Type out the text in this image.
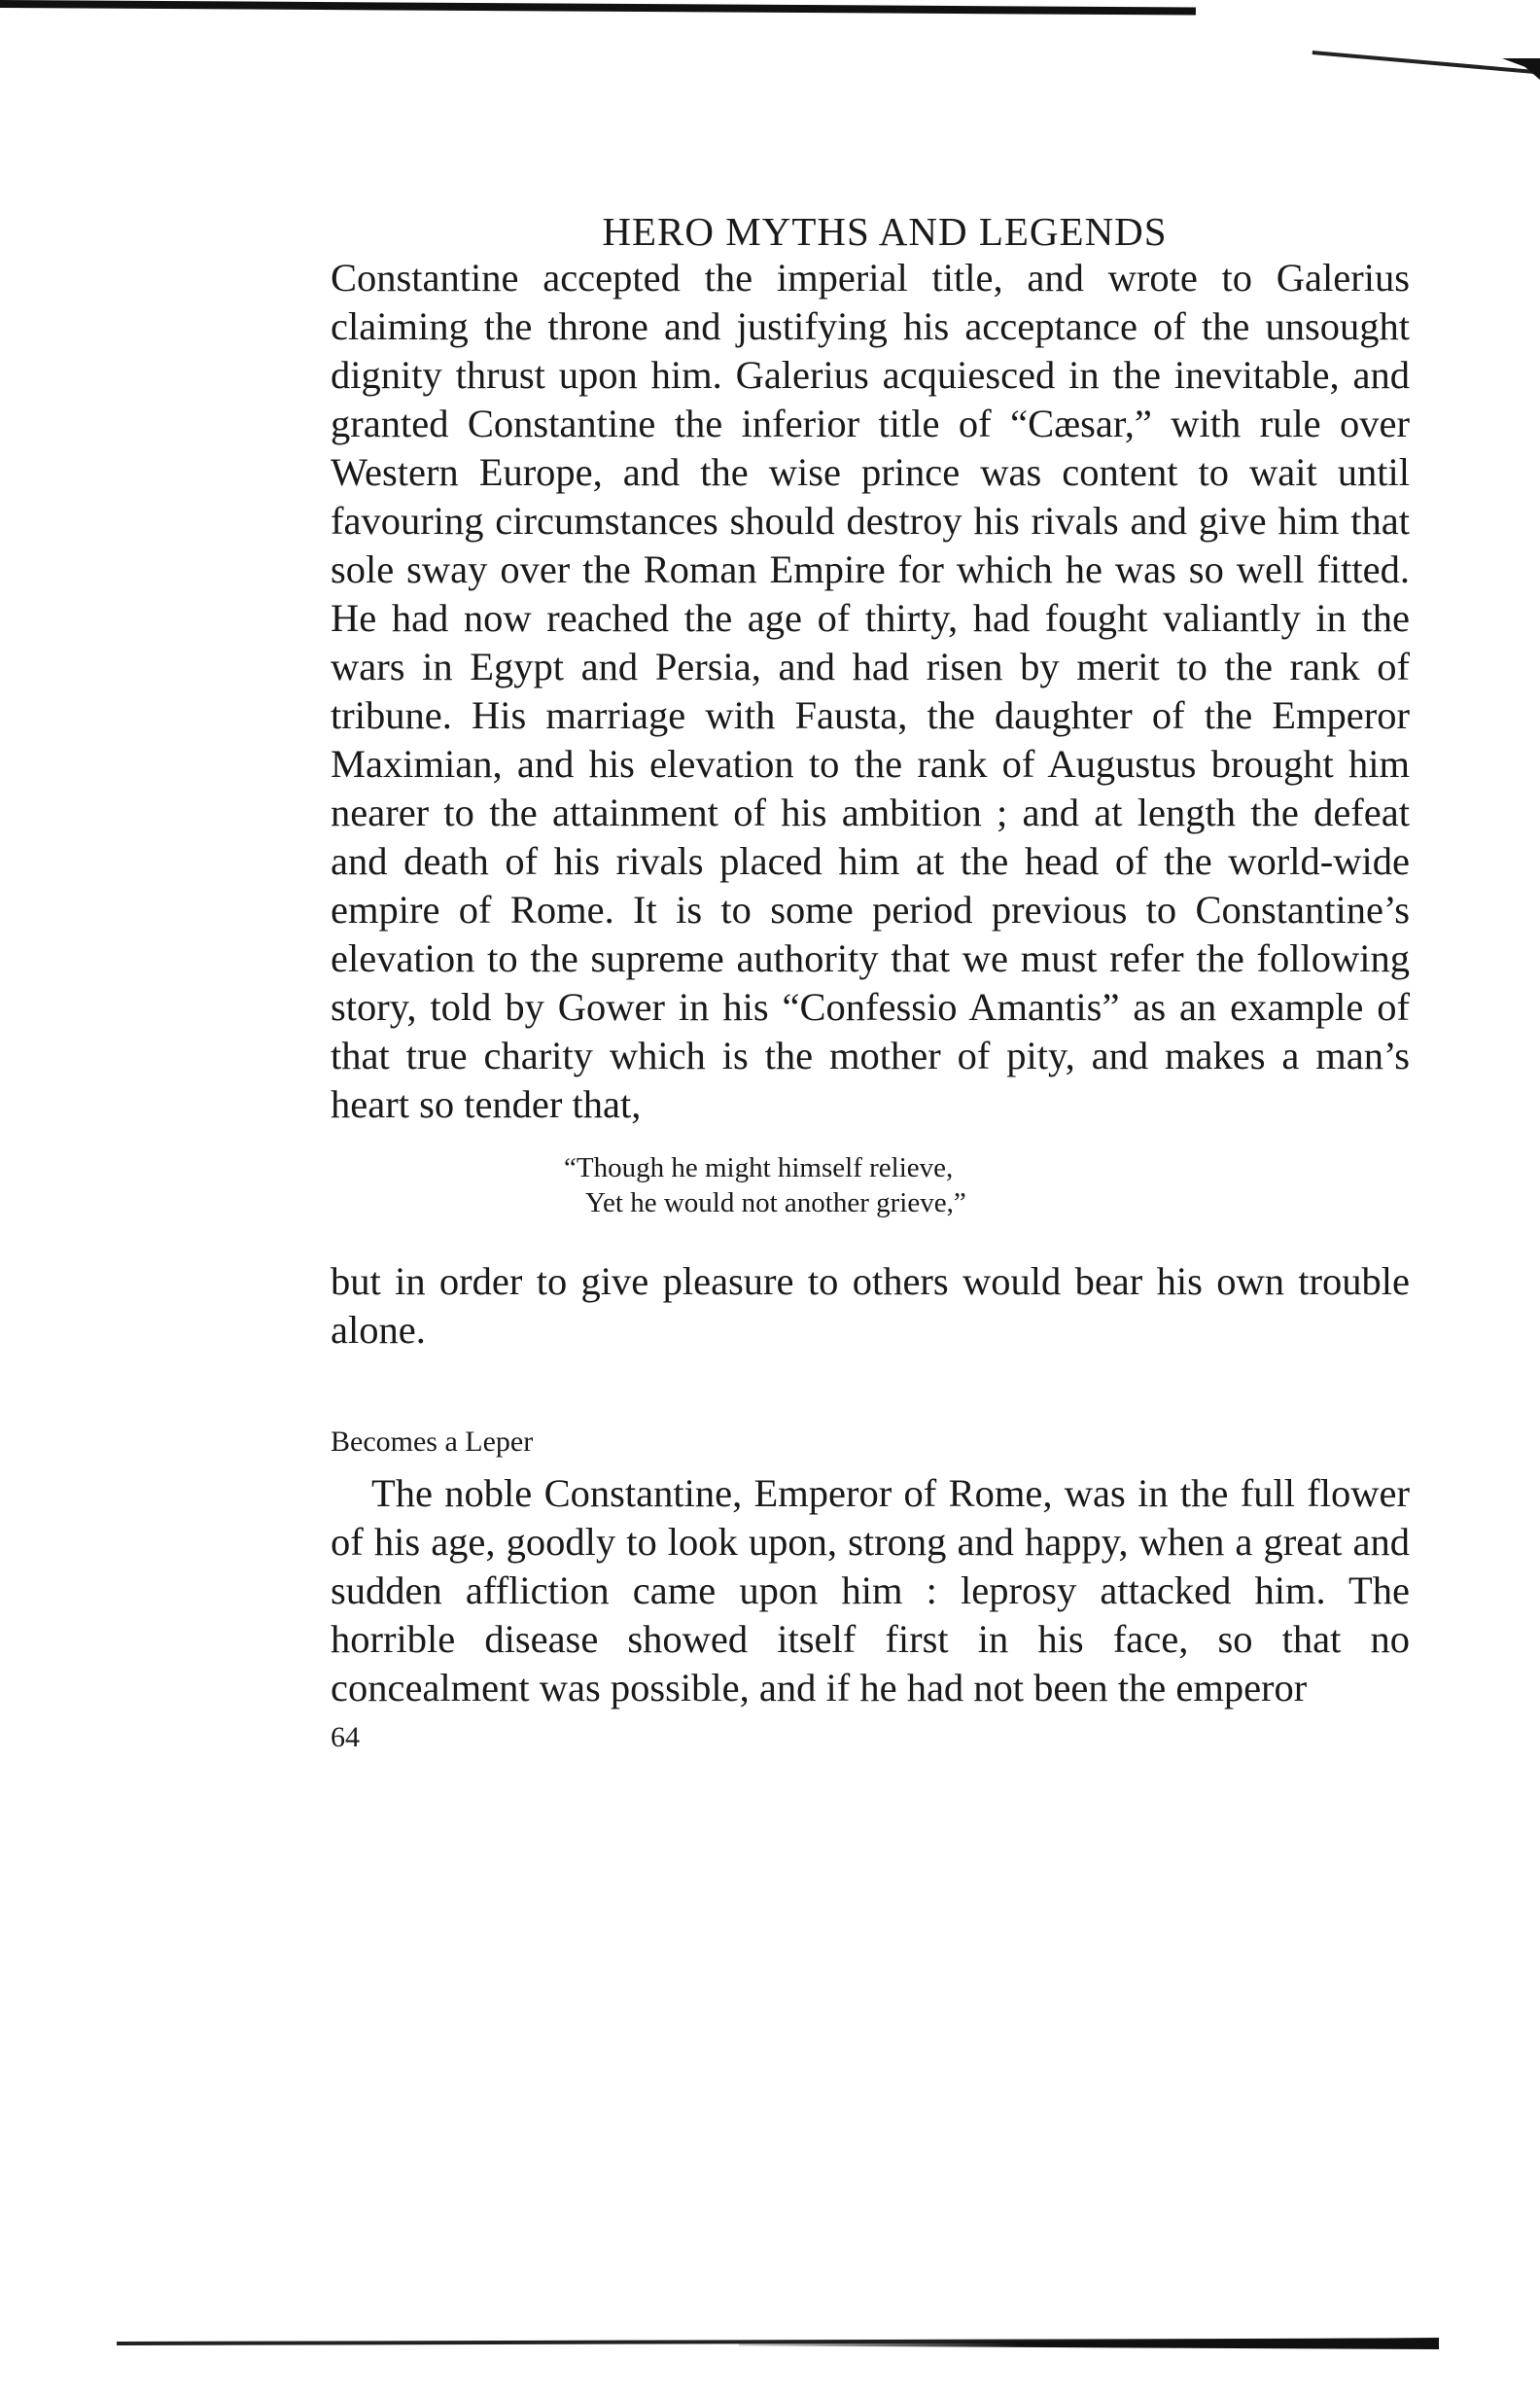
HERO MYTHS AND LEGENDS

Constantine accepted the imperial title, and wrote to Galerius claiming the throne and justifying his acceptance of the unsought dignity thrust upon him. Galerius acquiesced in the inevitable, and granted Constantine the inferior title of “Cæsar,” with rule over Western Europe, and the wise prince was content to wait until favouring circumstances should destroy his rivals and give him that sole sway over the Roman Empire for which he was so well fitted. He had now reached the age of thirty, had fought valiantly in the wars in Egypt and Persia, and had risen by merit to the rank of tribune. His marriage with Fausta, the daughter of the Emperor Maximian, and his elevation to the rank of Augustus brought him nearer to the attainment of his ambition ; and at length the defeat and death of his rivals placed him at the head of the world-wide empire of Rome. It is to some period previous to Constantine’s elevation to the supreme authority that we must refer the following story, told by Gower in his “Confessio Amantis” as an example of that true charity which is the mother of pity, and makes a man’s heart so tender that,

“Though he might himself relieve,
Yet he would not another grieve,”

but in order to give pleasure to others would bear his own trouble alone.

Becomes a Leper

The noble Constantine, Emperor of Rome, was in the full flower of his age, goodly to look upon, strong and happy, when a great and sudden affliction came upon him : leprosy attacked him. The horrible disease showed itself first in his face, so that no concealment was possible, and if he had not been the emperor

64
